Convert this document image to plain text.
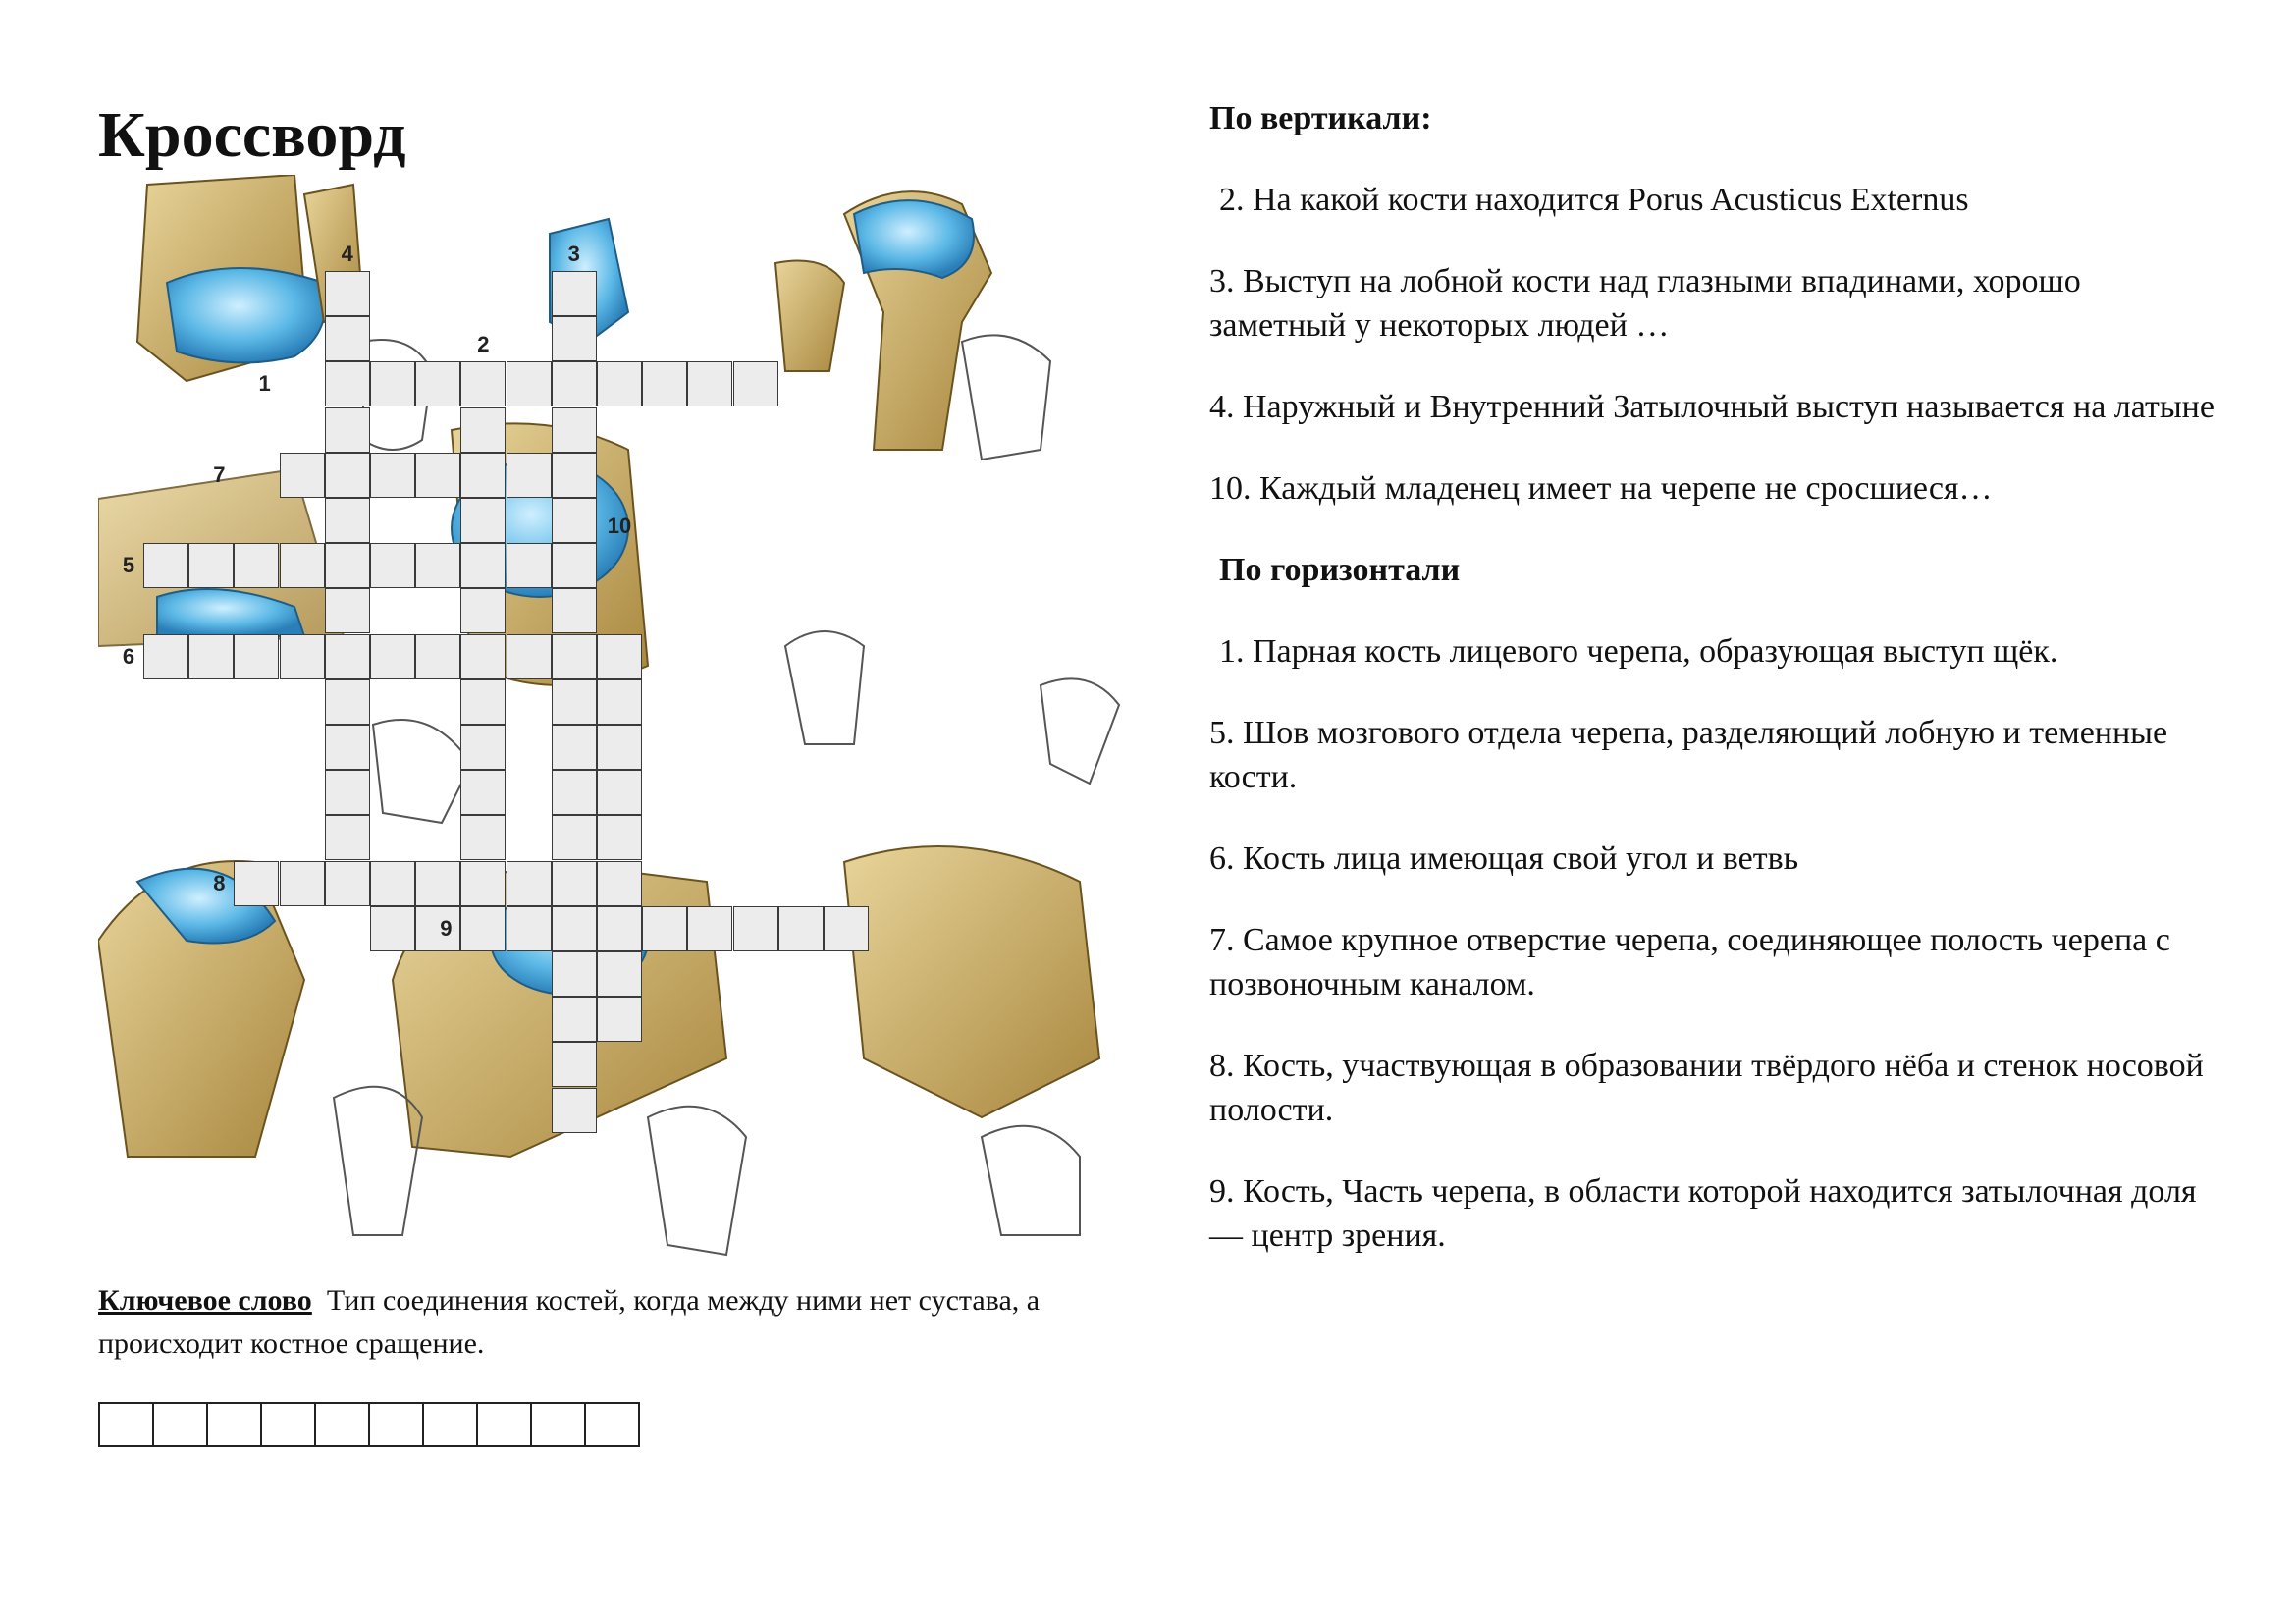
Кроссворд
4	3
2
1
7
10
5
6
8
9
Ключевое слово Тип соединения костей, когда между ними нет сустава, а происходит костное сращение.

По вертикали:

2. На какой кости находится Porus Acusticus Externus

3. Выступ на лобной кости над глазными впадинами, хорошо заметный у некоторых людей …

4. Наружный и Внутренний Затылочный выступ называется на латыне

10. Каждый младенец имеет на черепе не сросшиеся…

По горизонтали

1. Парная кость лицевого черепа, образующая выступ щёк.

5. Шов мозгового отдела черепа, разделяющий лобную и теменные кости.

6. Кость лица имеющая свой угол и ветвь

7. Самое крупное отверстие черепа, соединяющее полость черепа с позвоночным каналом.

8. Кость, участвующая в образовании твёрдого нёба и стенок носовой полости.

9. Кость, Часть черепа, в области которой находится затылочная доля — центр зрения.
